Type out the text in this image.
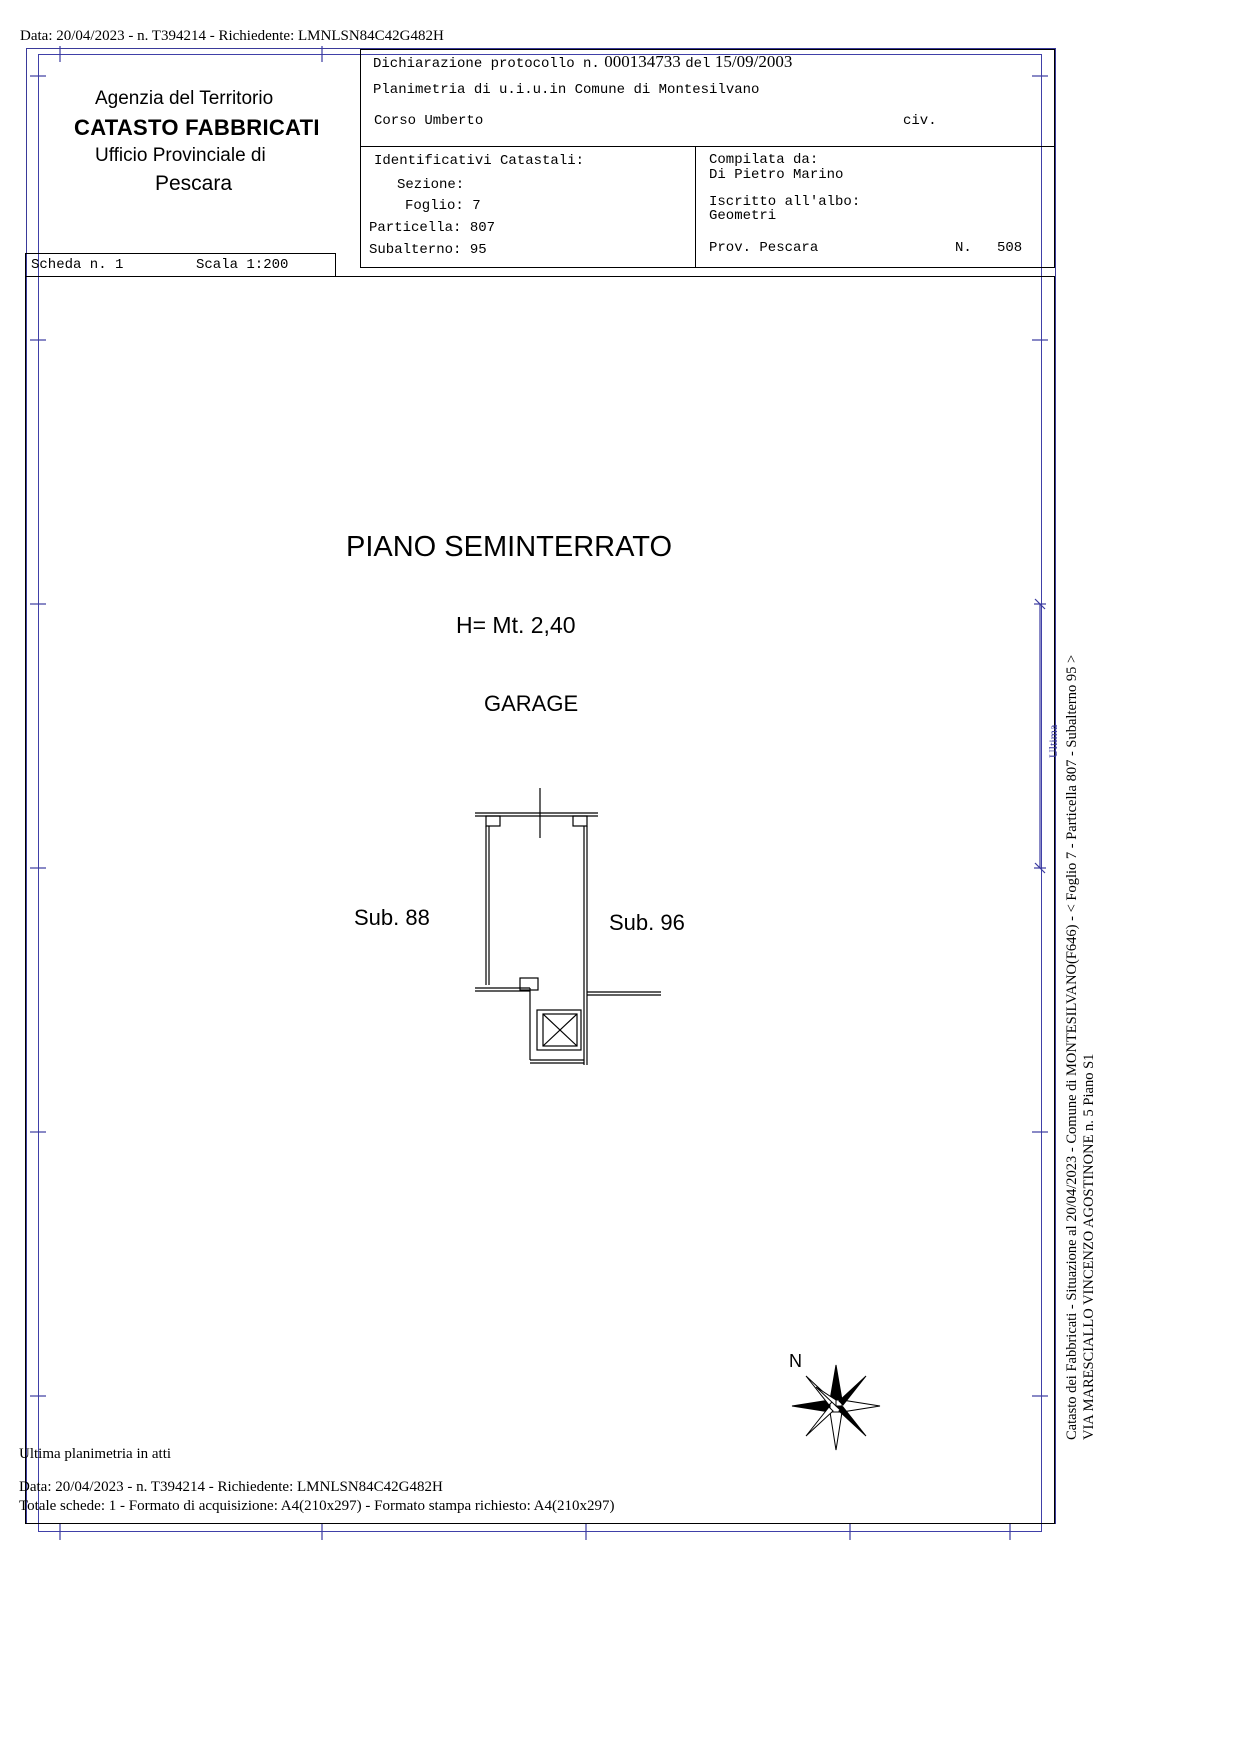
Data: 20/04/2023 - n. T394214 - Richiedente: LMNLSN84C42G482H
Agenzia del Territorio
CATASTO FABBRICATI
Ufficio Provinciale di
Pescara
Dichiarazione protocollo n. 000134733 del 15/09/2003
Planimetria di u.i.u.in Comune di Montesilvano
Corso Umberto	civ.
Identificativi Catastali:
Sezione:
Foglio: 7
Particella: 807
Subalterno: 95
Compilata da:
Di Pietro Marino
Iscritto all'albo:
Geometri
Prov. Pescara	N. 508
Scheda n. 1	Scala 1:200
PIANO SEMINTERRATO
H= Mt. 2,40
GARAGE
Sub. 88	Sub. 96
N	Catasto dei Fabbricati - Situazione al 20/04/2023 - Comune di MONTESILVANO(F646) - < Foglio 7 - Particella 807 - Subalterno 95 > VIA MARESCIALLO VINCENZO AGOSTINONE n. 5 Piano S1
Ultima
Ultima planimetria in atti
Data: 20/04/2023 - n. T394214 - Richiedente: LMNLSN84C42G482H
Totale schede: 1 - Formato di acquisizione: A4(210x297) - Formato stampa richiesto: A4(210x297)
